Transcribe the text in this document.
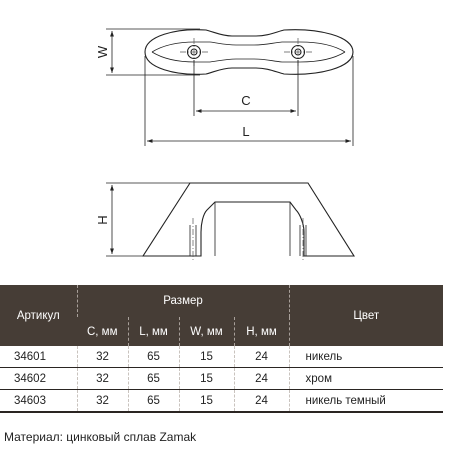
W
C
L
H
Артикул	Размер				Цвет
	C, мм	L, мм	W, мм	H, мм	
34601	32	65	15	24	никель
34602	32	65	15	24	хром
34603	32	65	15	24	никель темный
Материал: цинковый сплав Zamak
